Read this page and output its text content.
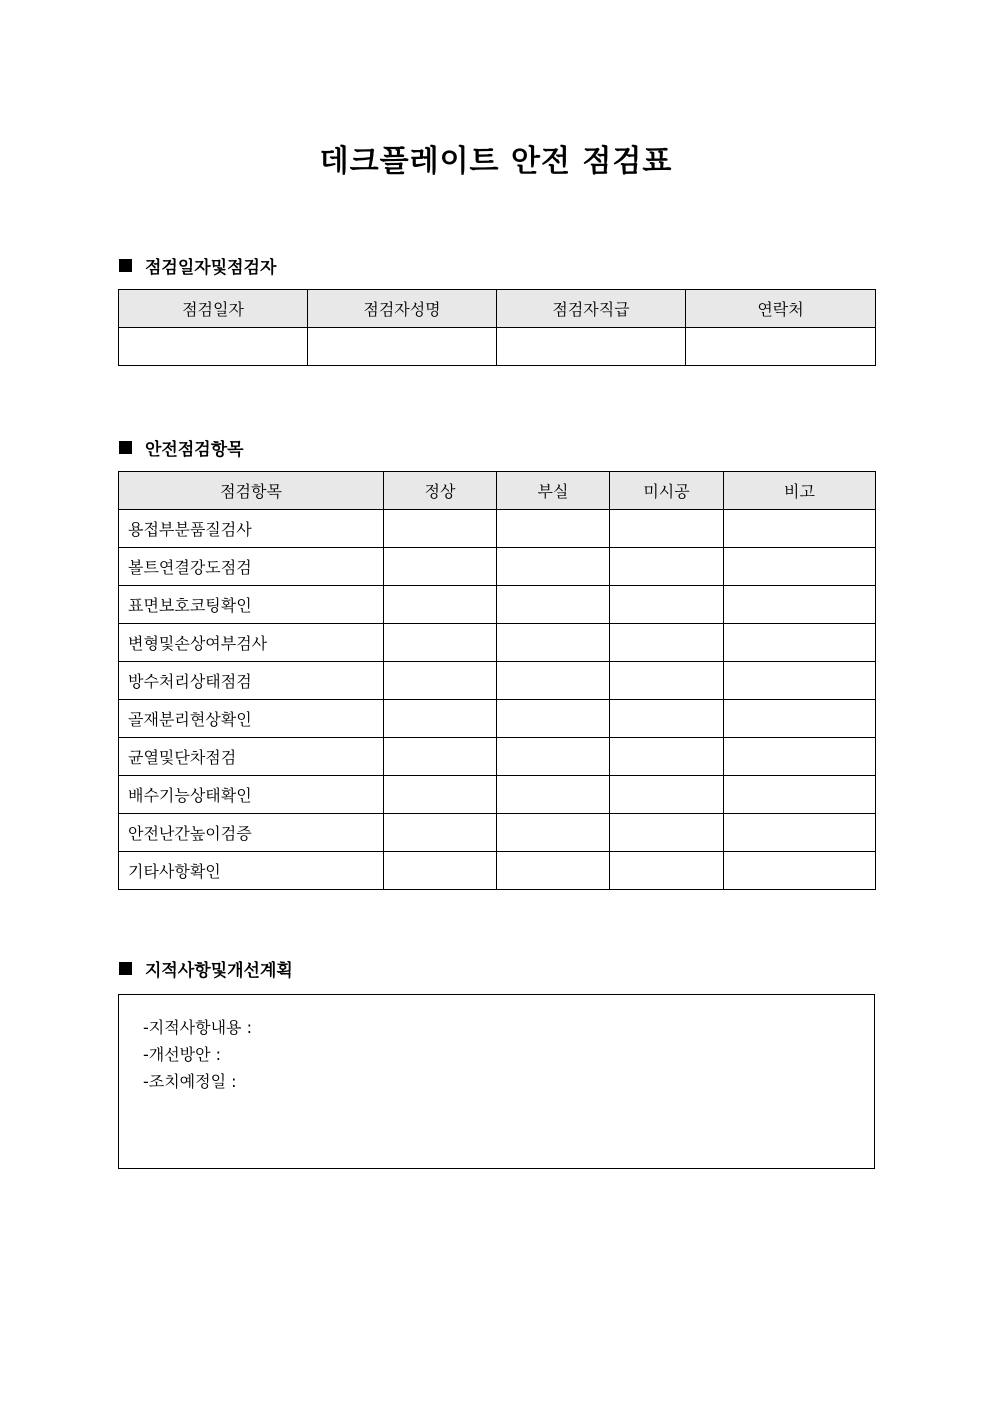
데크플레이트 안전 점검표
점검일자및점검자
점검일자	점검자성명	점검자직급	연락처

안전점검항목
점검항목	정상	부실	미시공	비고
용접부분품질검사				
볼트연결강도점검				
표면보호코팅확인				
변형및손상여부검사				
방수처리상태점검				
골재분리현상확인				
균열및단차점검				
배수기능상태확인				
안전난간높이검증				
기타사항확인				
지적사항및개선계획
-지적사항내용 :
-개선방안 :
-조치예정일 :
